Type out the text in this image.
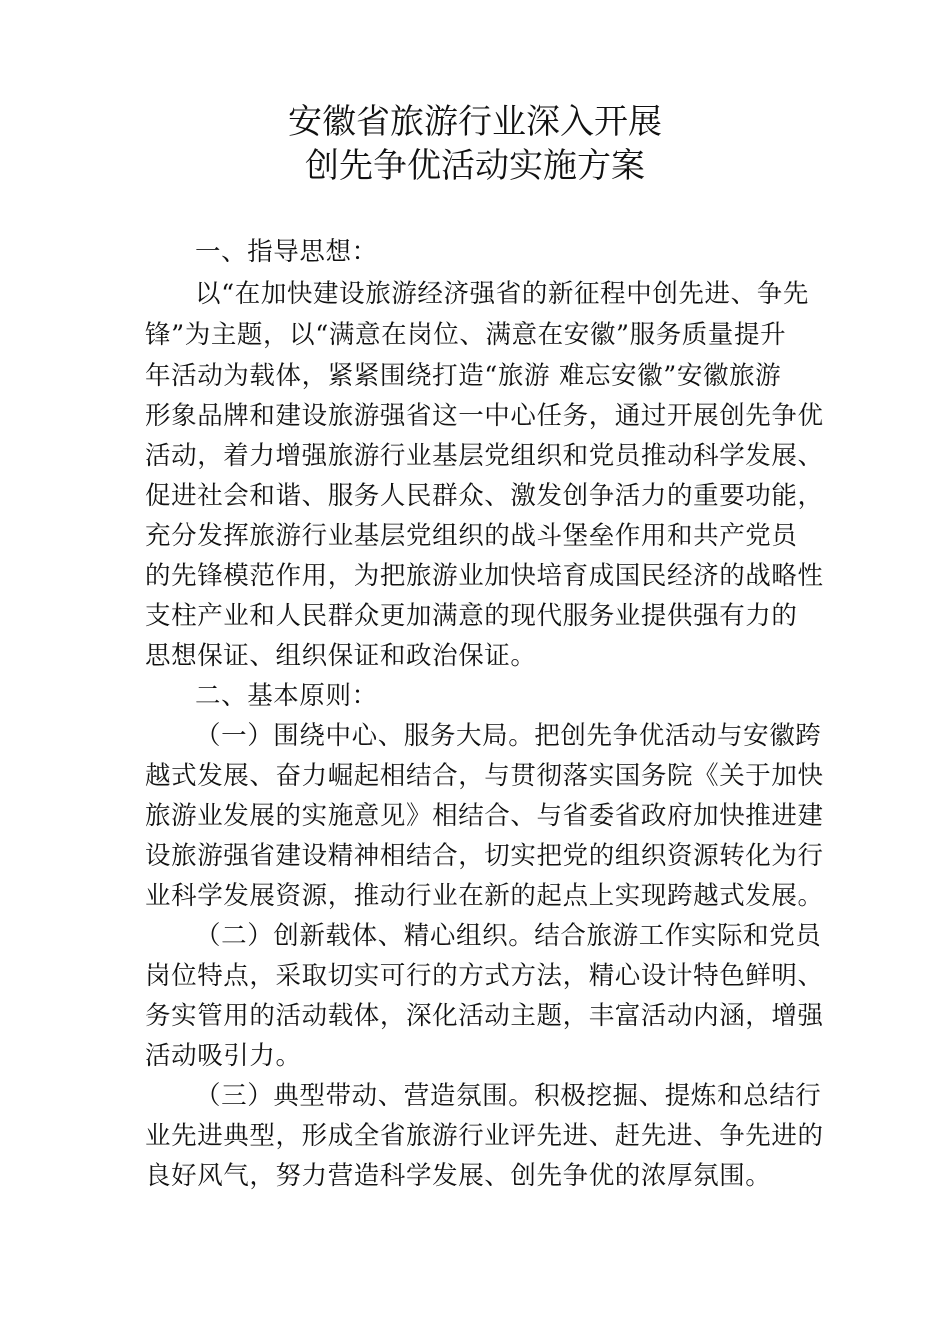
安徽省旅游行业深入开展
创先争优活动实施方案
一、指导思想：
以“在加快建设旅游经济强省的新征程中创先进、争先
锋”为主题，以“满意在岗位、满意在安徽”服务质量提升
年活动为载体，紧紧围绕打造“旅游 难忘安徽”安徽旅游
形象品牌和建设旅游强省这一中心任务，通过开展创先争优
活动，着力增强旅游行业基层党组织和党员推动科学发展、
促进社会和谐、服务人民群众、激发创争活力的重要功能，
充分发挥旅游行业基层党组织的战斗堡垒作用和共产党员
的先锋模范作用，为把旅游业加快培育成国民经济的战略性
支柱产业和人民群众更加满意的现代服务业提供强有力的
思想保证、组织保证和政治保证。
二、基本原则：
（一）围绕中心、服务大局。把创先争优活动与安徽跨
越式发展、奋力崛起相结合，与贯彻落实国务院《关于加快
旅游业发展的实施意见》相结合、与省委省政府加快推进建
设旅游强省建设精神相结合，切实把党的组织资源转化为行
业科学发展资源，推动行业在新的起点上实现跨越式发展。
（二）创新载体、精心组织。结合旅游工作实际和党员
岗位特点，采取切实可行的方式方法，精心设计特色鲜明、
务实管用的活动载体，深化活动主题，丰富活动内涵，增强
活动吸引力。
（三）典型带动、营造氛围。积极挖掘、提炼和总结行
业先进典型，形成全省旅游行业评先进、赶先进、争先进的
良好风气，努力营造科学发展、创先争优的浓厚氛围。
